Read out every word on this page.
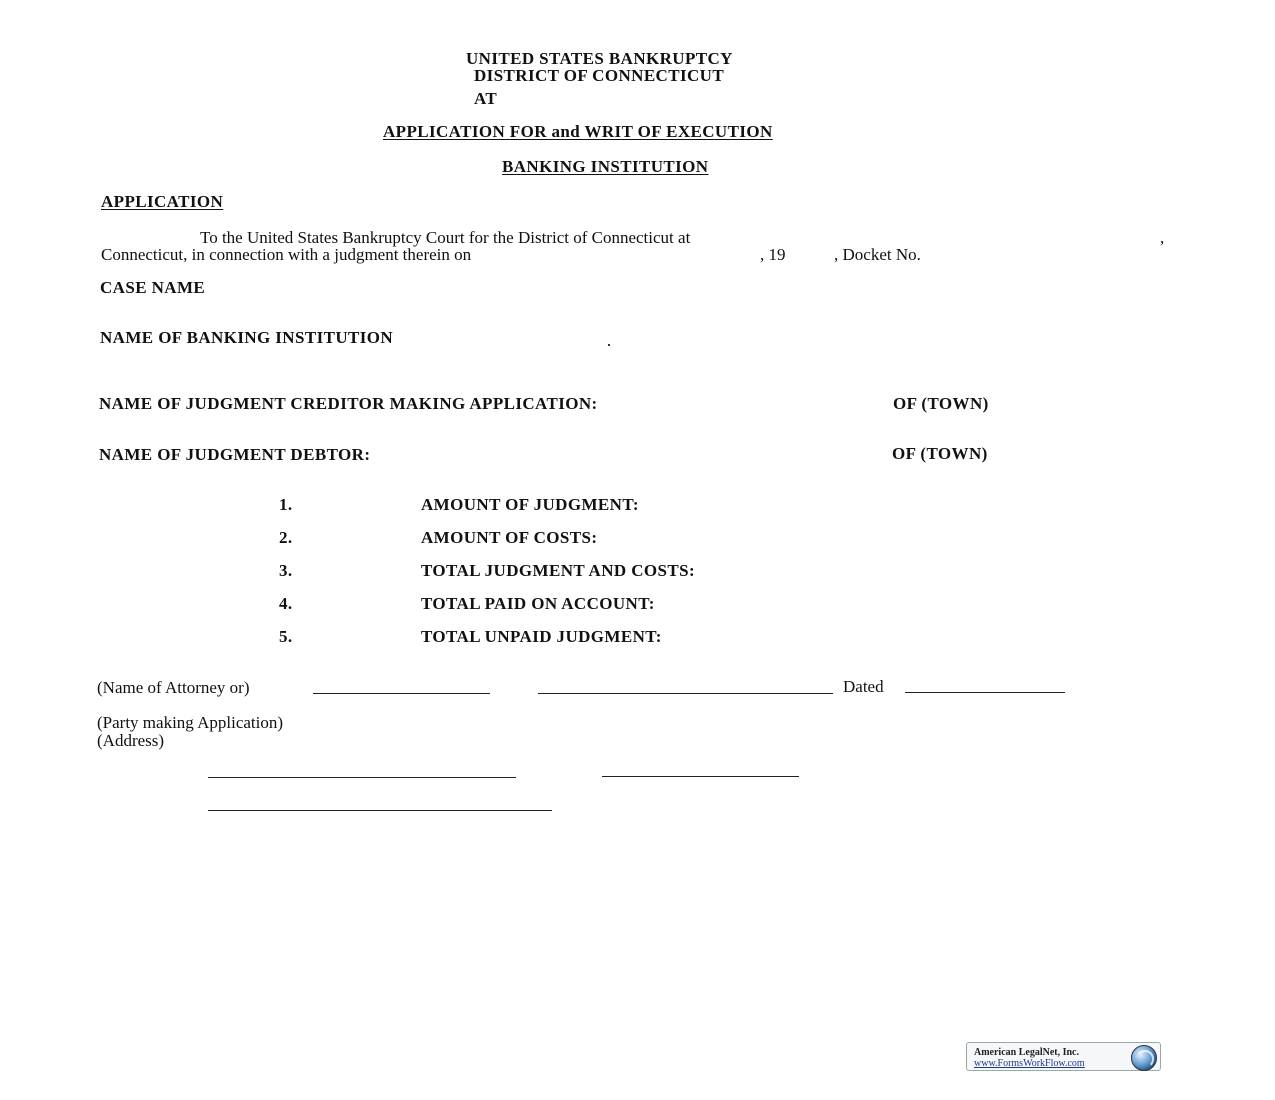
UNITED STATES BANKRUPTCY
DISTRICT OF CONNECTICUT
AT
APPLICATION FOR and WRIT OF EXECUTION
BANKING INSTITUTION
APPLICATION
To the United States Bankruptcy Court for the District of Connecticut at	,
Connecticut, in connection with a judgment therein on	, 19	, Docket No.
CASE NAME
NAME OF BANKING INSTITUTION
NAME OF JUDGMENT CREDITOR MAKING APPLICATION:	OF (TOWN)
NAME OF JUDGMENT DEBTOR:	OF (TOWN)
1.	AMOUNT OF JUDGMENT:
2.	AMOUNT OF COSTS:
3.	TOTAL JUDGMENT AND COSTS:
4.	TOTAL PAID ON ACCOUNT:
5.	TOTAL UNPAID JUDGMENT:
(Name of Attorney or)	Dated
(Party making Application)
(Address)
American LegalNet, Inc.
www.FormsWorkFlow.com
